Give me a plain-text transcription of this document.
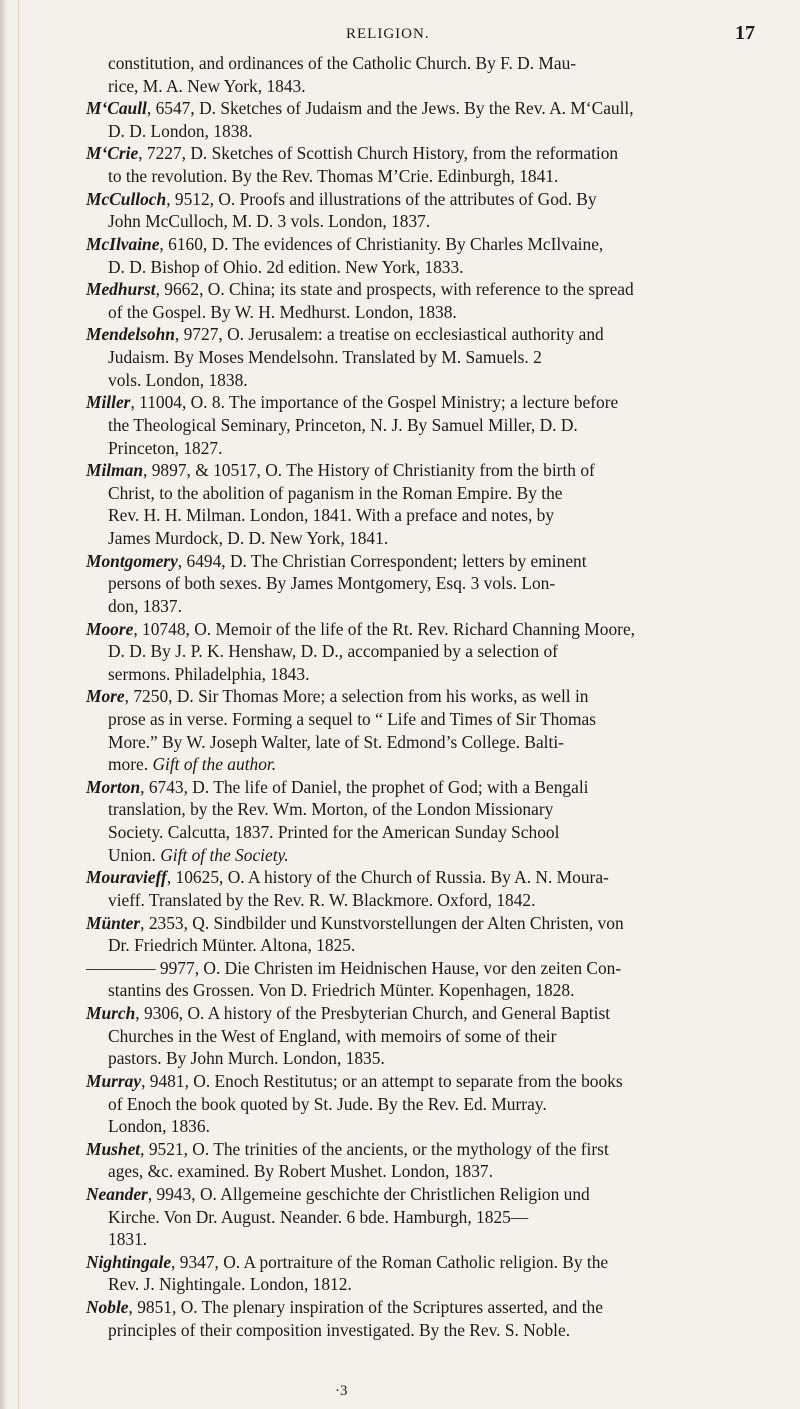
RELIGION.	17
constitution, and ordinances of the Catholic Church. By F. D. Mau-
rice, M. A. New York, 1843.
M‘Caull, 6547, D. Sketches of Judaism and the Jews. By the Rev. A. M‘Caull,
D. D. London, 1838.
M‘Crie, 7227, D. Sketches of Scottish Church History, from the reformation
to the revolution. By the Rev. Thomas M’Crie. Edinburgh, 1841.
McCulloch, 9512, O. Proofs and illustrations of the attributes of God. By
John McCulloch, M. D. 3 vols. London, 1837.
McIlvaine, 6160, D. The evidences of Christianity. By Charles McIlvaine,
D. D. Bishop of Ohio. 2d edition. New York, 1833.
Medhurst, 9662, O. China; its state and prospects, with reference to the spread
of the Gospel. By W. H. Medhurst. London, 1838.
Mendelsohn, 9727, O. Jerusalem: a treatise on ecclesiastical authority and
Judaism. By Moses Mendelsohn. Translated by M. Samuels. 2
vols. London, 1838.
Miller, 11004, O. 8. The importance of the Gospel Ministry; a lecture before
the Theological Seminary, Princeton, N. J. By Samuel Miller, D. D.
Princeton, 1827.
Milman, 9897, & 10517, O. The History of Christianity from the birth of
Christ, to the abolition of paganism in the Roman Empire. By the
Rev. H. H. Milman. London, 1841. With a preface and notes, by
James Murdock, D. D. New York, 1841.
Montgomery, 6494, D. The Christian Correspondent; letters by eminent
persons of both sexes. By James Montgomery, Esq. 3 vols. Lon-
don, 1837.
Moore, 10748, O. Memoir of the life of the Rt. Rev. Richard Channing Moore,
D. D. By J. P. K. Henshaw, D. D., accompanied by a selection of
sermons. Philadelphia, 1843.
More, 7250, D. Sir Thomas More; a selection from his works, as well in
prose as in verse. Forming a sequel to “ Life and Times of Sir Thomas
More.” By W. Joseph Walter, late of St. Edmond’s College. Balti-
more. Gift of the author.
Morton, 6743, D. The life of Daniel, the prophet of God; with a Bengali
translation, by the Rev. Wm. Morton, of the London Missionary
Society. Calcutta, 1837. Printed for the American Sunday School
Union. Gift of the Society.
Mouravieff, 10625, O. A history of the Church of Russia. By A. N. Moura-
vieff. Translated by the Rev. R. W. Blackmore. Oxford, 1842.
Münter, 2353, Q. Sindbilder und Kunstvorstellungen der Alten Christen, von
Dr. Friedrich Münter. Altona, 1825.
———— 9977, O. Die Christen im Heidnischen Hause, vor den zeiten Con-
stantins des Grossen. Von D. Friedrich Münter. Kopenhagen, 1828.
Murch, 9306, O. A history of the Presbyterian Church, and General Baptist
Churches in the West of England, with memoirs of some of their
pastors. By John Murch. London, 1835.
Murray, 9481, O. Enoch Restitutus; or an attempt to separate from the books
of Enoch the book quoted by St. Jude. By the Rev. Ed. Murray.
London, 1836.
Mushet, 9521, O. The trinities of the ancients, or the mythology of the first
ages, &c. examined. By Robert Mushet. London, 1837.
Neander, 9943, O. Allgemeine geschichte der Christlichen Religion und
Kirche. Von Dr. August. Neander. 6 bde. Hamburgh, 1825—
1831.
Nightingale, 9347, O. A portraiture of the Roman Catholic religion. By the
Rev. J. Nightingale. London, 1812.
Noble, 9851, O. The plenary inspiration of the Scriptures asserted, and the
principles of their composition investigated. By the Rev. S. Noble.
·3
